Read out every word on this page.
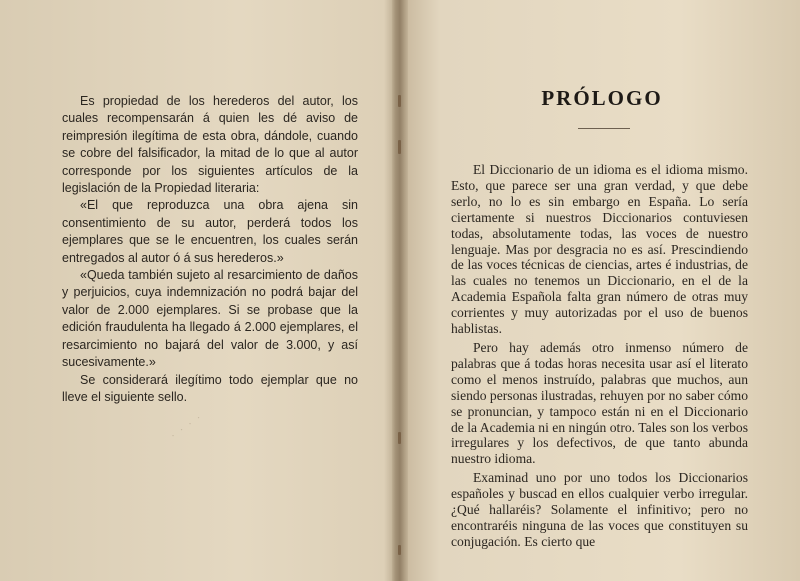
Es propiedad de los herederos del autor, los cuales recompensarán á quien les dé aviso de reimpresión ilegítima de esta obra, dándole, cuando se cobre del falsificador, la mitad de lo que al autor corresponde por los siguientes artículos de la legislación de la Propiedad literaria:

«El que reproduzca una obra ajena sin consentimiento de su autor, perderá todos los ejemplares que se le encuentren, los cuales serán entregados al autor ó á sus herederos.»

«Queda también sujeto al resarcimiento de daños y perjuicios, cuya indemnización no podrá bajar del valor de 2.000 ejemplares. Si se probase que la edición fraudulenta ha llegado á 2.000 ejemplares, el resarcimiento no bajará del valor de 3.000, y así sucesivamente.»

Se considerará ilegítimo todo ejemplar que no lleve el siguiente sello.

· · · ·
PRÓLOGO

El Diccionario de un idioma es el idioma mismo. Esto, que parece ser una gran verdad, y que debe serlo, no lo es sin embargo en España. Lo sería ciertamente si nuestros Diccionarios contuviesen todas, absolutamente todas, las voces de nuestro lenguaje. Mas por desgracia no es así. Prescindiendo de las voces técnicas de ciencias, artes é industrias, de las cuales no tenemos un Diccionario, en el de la Academia Española falta gran número de otras muy corrientes y muy autorizadas por el uso de buenos hablistas.

Pero hay además otro inmenso número de palabras que á todas horas necesita usar así el literato como el menos instruído, palabras que muchos, aun siendo personas ilustradas, rehuyen por no saber cómo se pronuncian, y tampoco están ni en el Diccionario de la Academia ni en ningún otro. Tales son los verbos irregulares y los defectivos, de que tanto abunda nuestro idioma.

Examinad uno por uno todos los Diccionarios españoles y buscad en ellos cualquier verbo irregular. ¿Qué hallaréis? Solamente el infinitivo; pero no encontraréis ninguna de las voces que constituyen su conjugación. Es cierto que
